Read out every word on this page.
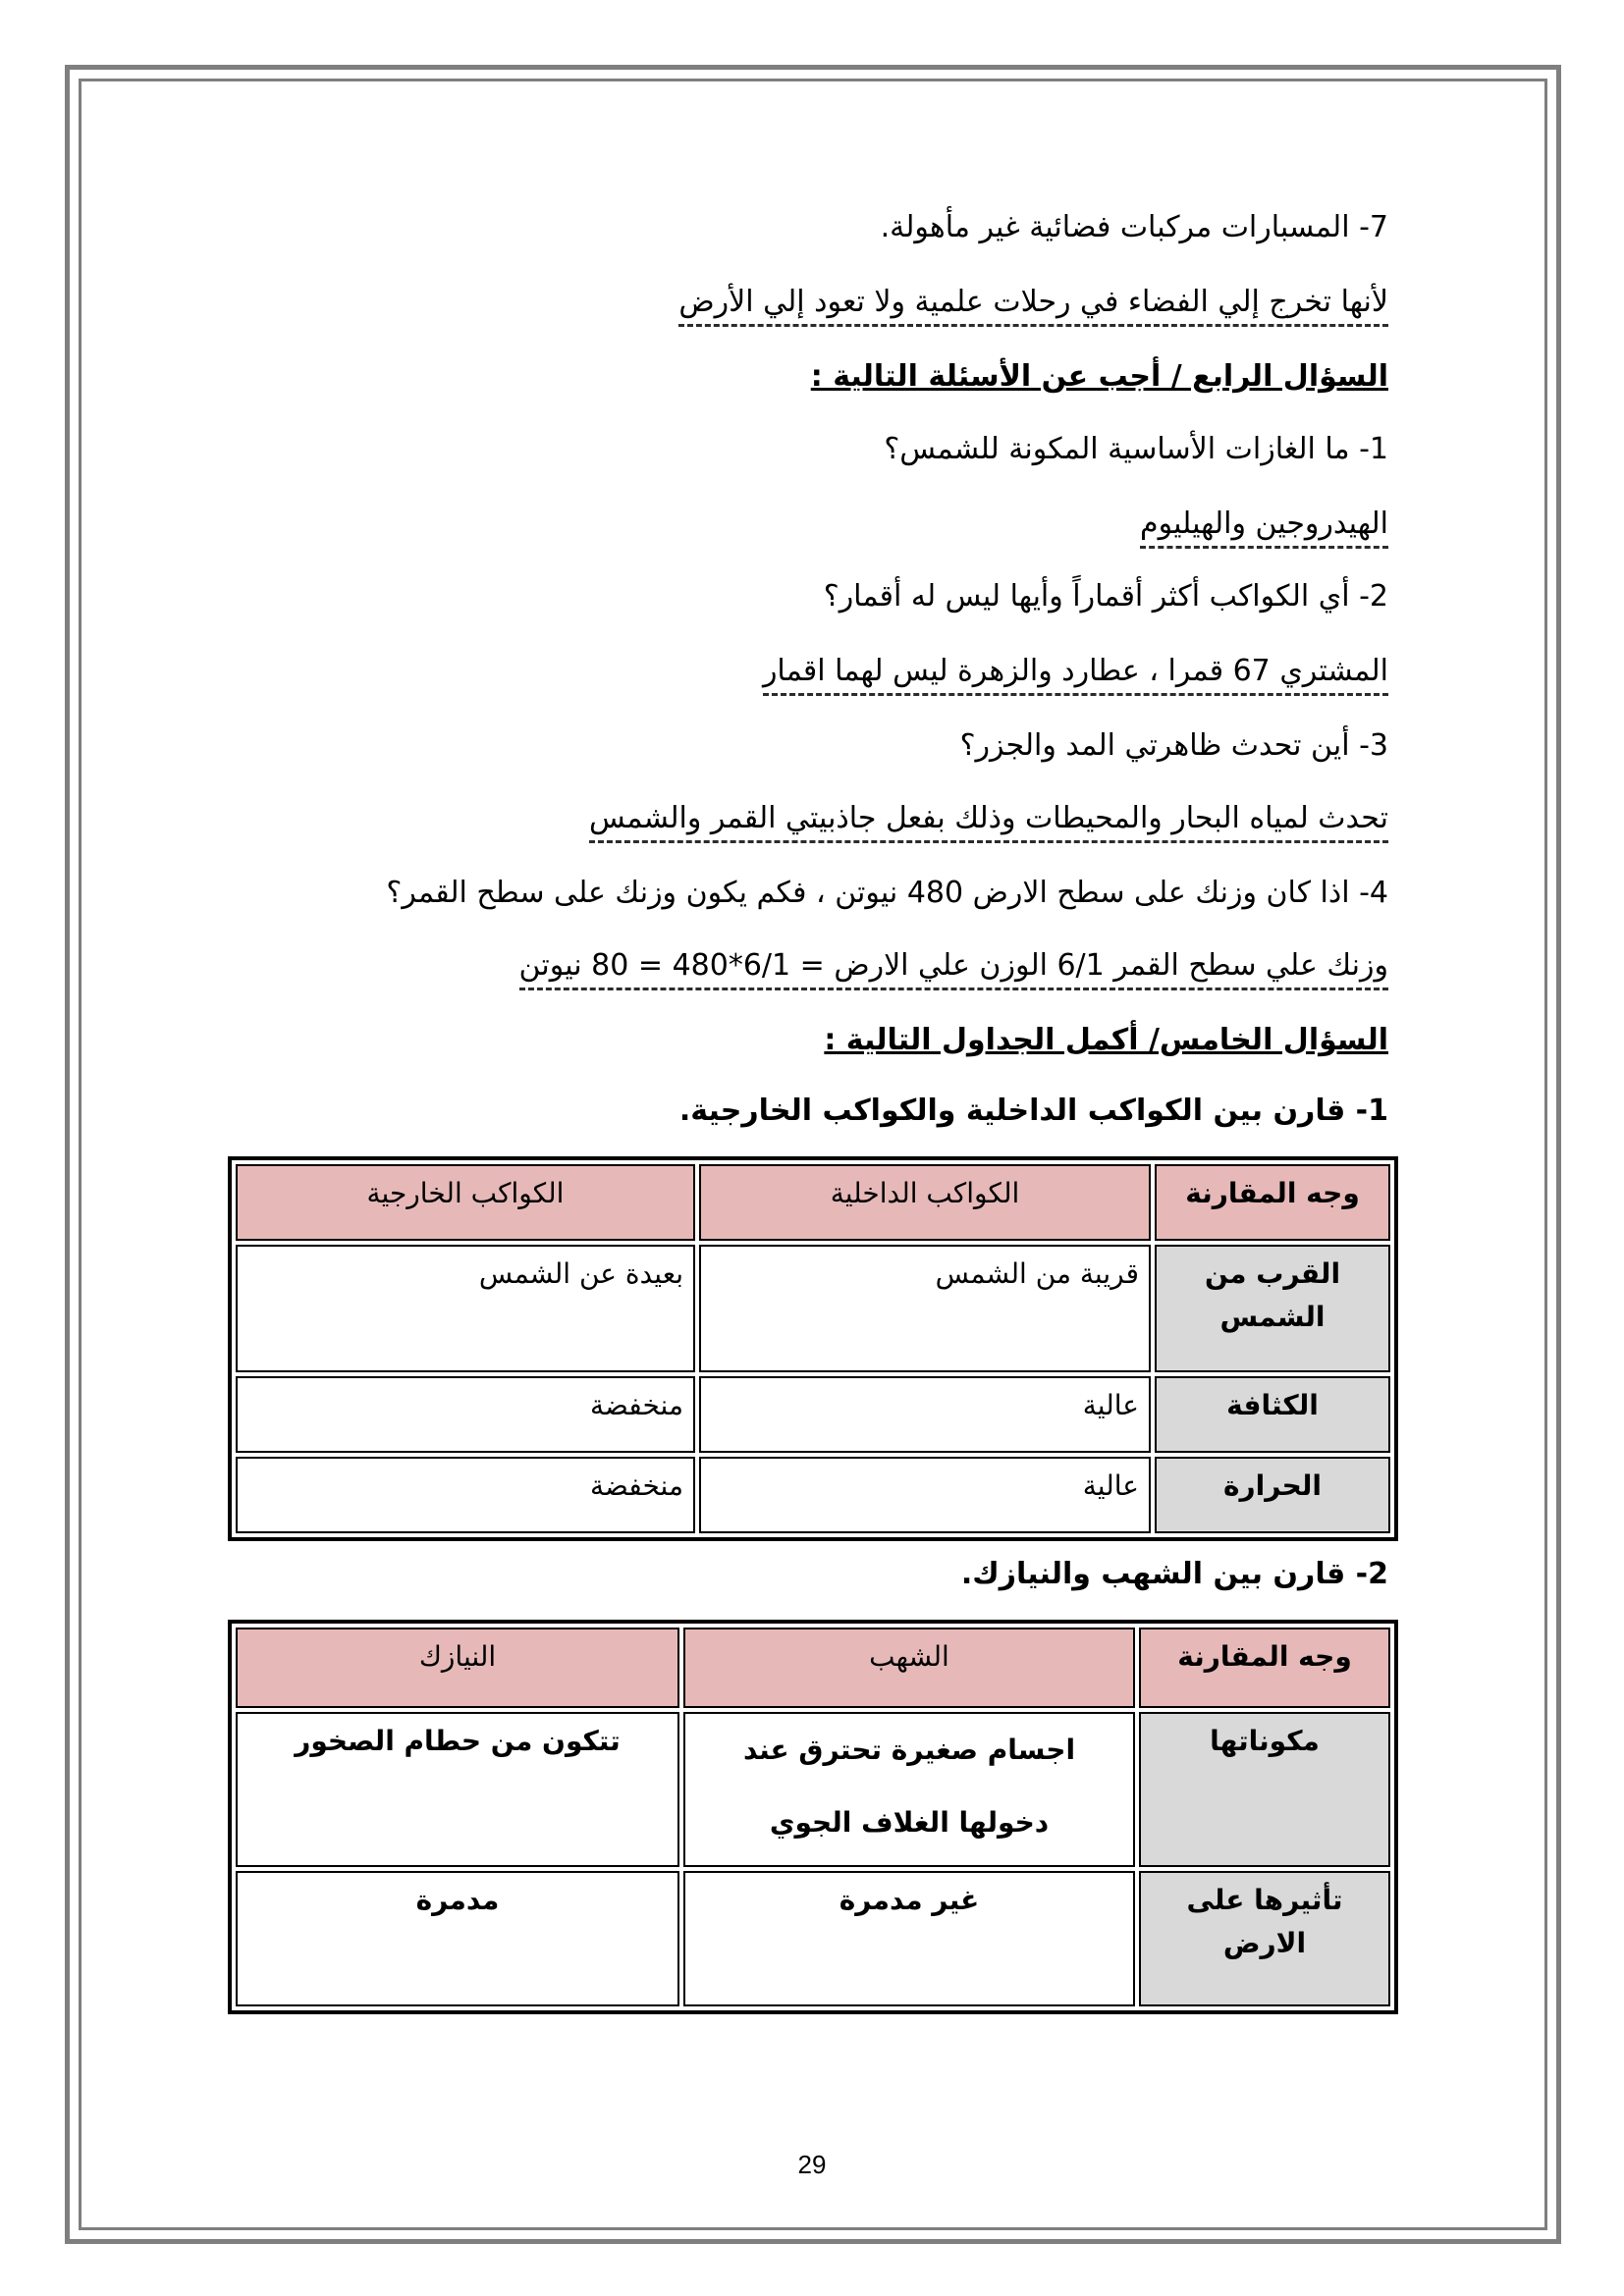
7- المسبارات مركبات فضائية غير مأهولة.
لأنها تخرج إلي الفضاء في رحلات علمية ولا تعود إلي الأرض
السؤال الرابع / أجب عن الأسئلة التالية :
1- ما الغازات الأساسية المكونة للشمس؟
الهيدروجين والهيليوم
2- أي الكواكب أكثر أقماراً وأيها ليس له أقمار؟
المشتري 67 قمرا ، عطارد والزهرة ليس لهما اقمار
3- أين تحدث ظاهرتي المد والجزر؟
تحدث لمياه البحار والمحيطات وذلك بفعل جاذبيتي القمر والشمس
4- اذا كان وزنك على سطح الارض 480 نيوتن ، فكم يكون وزنك على سطح القمر؟
وزنك علي سطح القمر 6/1 الوزن علي الارض = 6/1*480 = 80 نيوتن
السؤال الخامس/ أكمل الجداول التالية :
1- قارن بين الكواكب الداخلية والكواكب الخارجية.
وجه المقارنة	الكواكب الداخلية	الكواكب الخارجية
القرب من الشمس	قريبة من الشمس	بعيدة عن الشمس
الكثافة	عالية	منخفضة
الحرارة	عالية	منخفضة
2- قارن بين الشهب والنيازك.
وجه المقارنة	الشهب	النيازك
مكوناتها	اجسام صغيرة تحترق عند دخولها الغلاف الجوي	تتكون من حطام الصخور
تأثيرها على الارض	غير مدمرة	مدمرة
29
